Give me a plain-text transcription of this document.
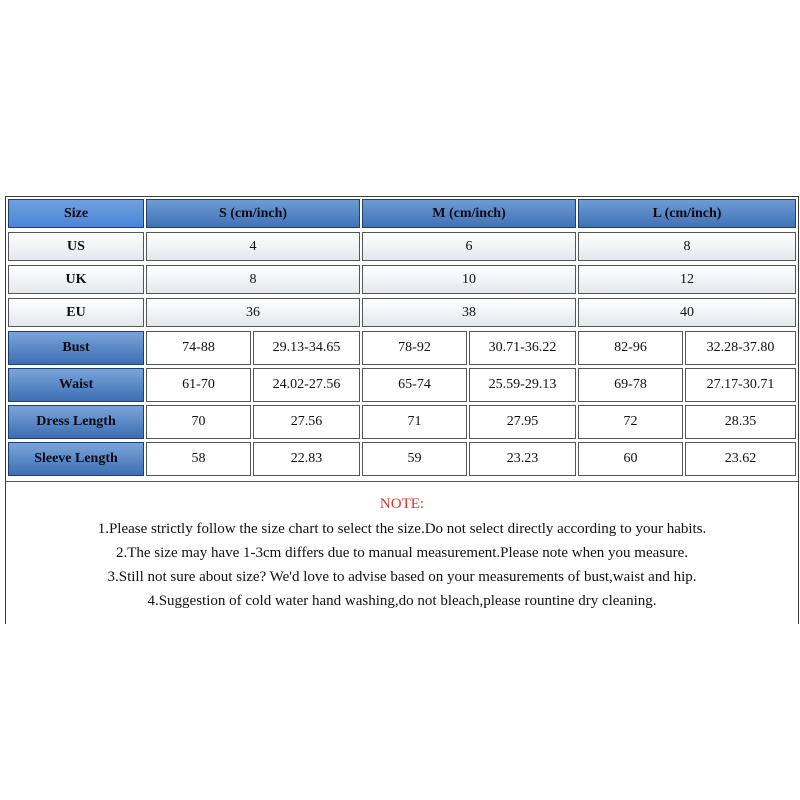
Size	S (cm/inch)	M (cm/inch)	L (cm/inch)
US	4	6	8
UK	8	10	12
EU	36	38	40
Bust	74-88	29.13-34.65	78-92	30.71-36.22	82-96	32.28-37.80
Waist	61-70	24.02-27.56	65-74	25.59-29.13	69-78	27.17-30.71
Dress Length	70	27.56	71	27.95	72	28.35
Sleeve Length	58	22.83	59	23.23	60	23.62
NOTE:
1.Please strictly follow the size chart to select the size.Do not select directly according to your habits.
2.The size may have 1-3cm differs due to manual measurement.Please note when you measure.
3.Still not sure about size? We'd love to advise based on your measurements of bust,waist and hip.
4.Suggestion of cold water hand washing,do not bleach,please rountine dry cleaning.
